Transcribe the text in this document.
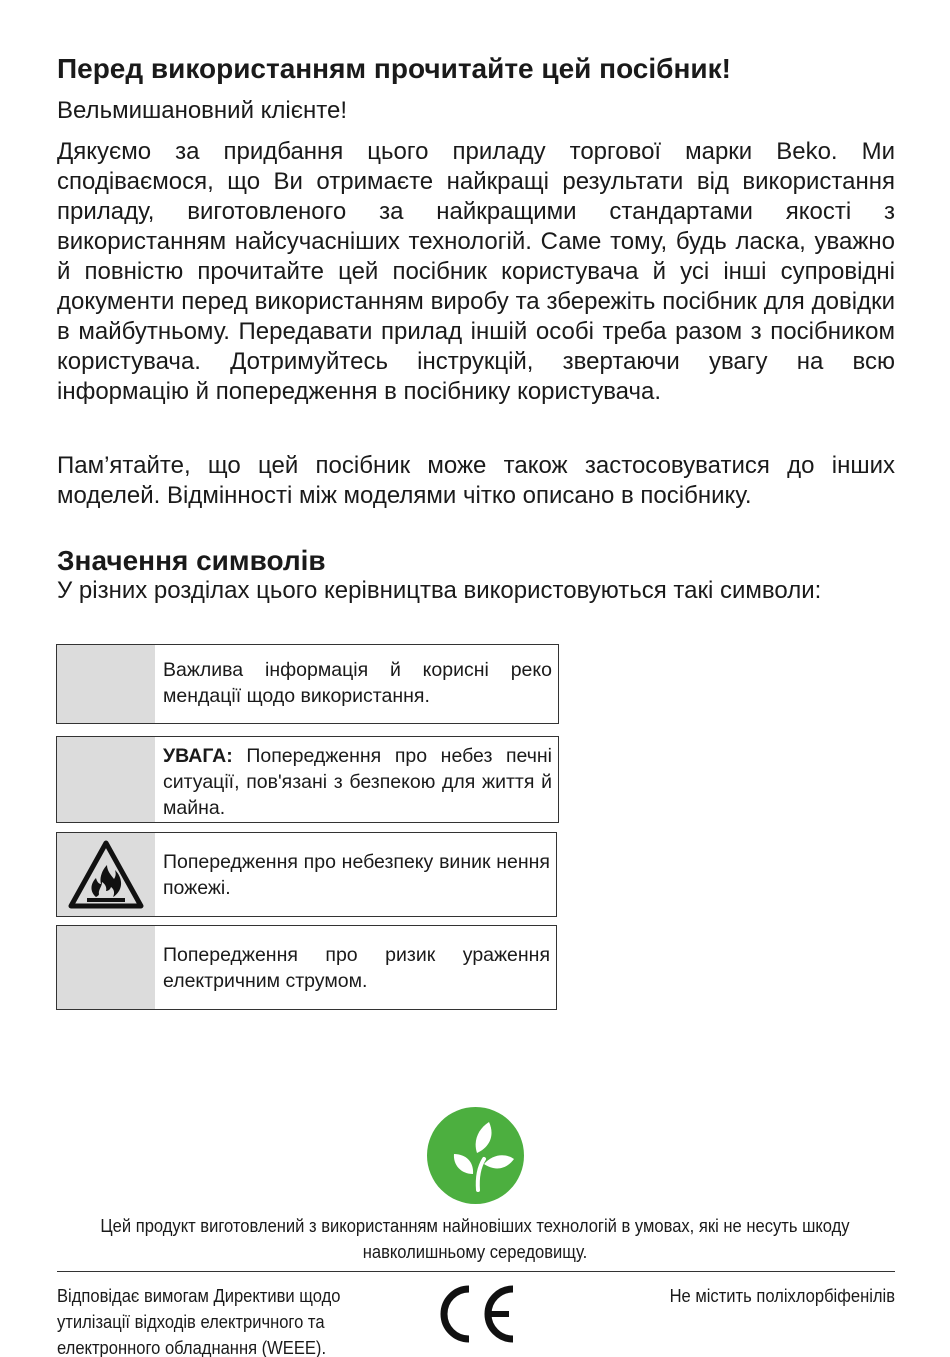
Перед використанням прочитайте цей посібник!
Вельмишановний клієнте!

Дякуємо за придбання цього приладу торгової марки Beko. Ми сподіваємося, що Ви отримаєте найкращі результати від використання приладу, виготовленого за найкращими стандартами якості з використанням найсучасніших технологій. Саме тому, будь ласка, уважно й повністю прочитайте цей посібник користувача й усі інші супровідні документи перед використанням виробу та збережіть посібник для довідки в майбутньому. Передавати прилад іншій особі треба разом з посібником користувача. Дотримуйтесь інструкцій, звертаючи увагу на всю інформацію й попередження в посібнику користувача.

Пам’ятайте, що цей посібник може також застосовуватися до інших моделей. Відмінності між моделями чітко описано в посібнику.

Значення символів

У різних розділах цього керівництва використовуються такі символи:

Важлива інформація й корисні реко мендації щодо використання.

УВАГА: Попередження про небез печні ситуації, пов'язані з безпекою для життя й майна.

Попередження про небезпеку виник нення пожежі.

Попередження про ризик ураження електричним струмом.

Цей продукт виготовлений з використанням найновіших технологій в умовах, які не несуть шкоду навколишньому середовищу.

Відповідає вимогам Директиви щодо утилізації відходів електричного та електронного обладнання (WEEE).

Не містить поліхлорбіфенілів
